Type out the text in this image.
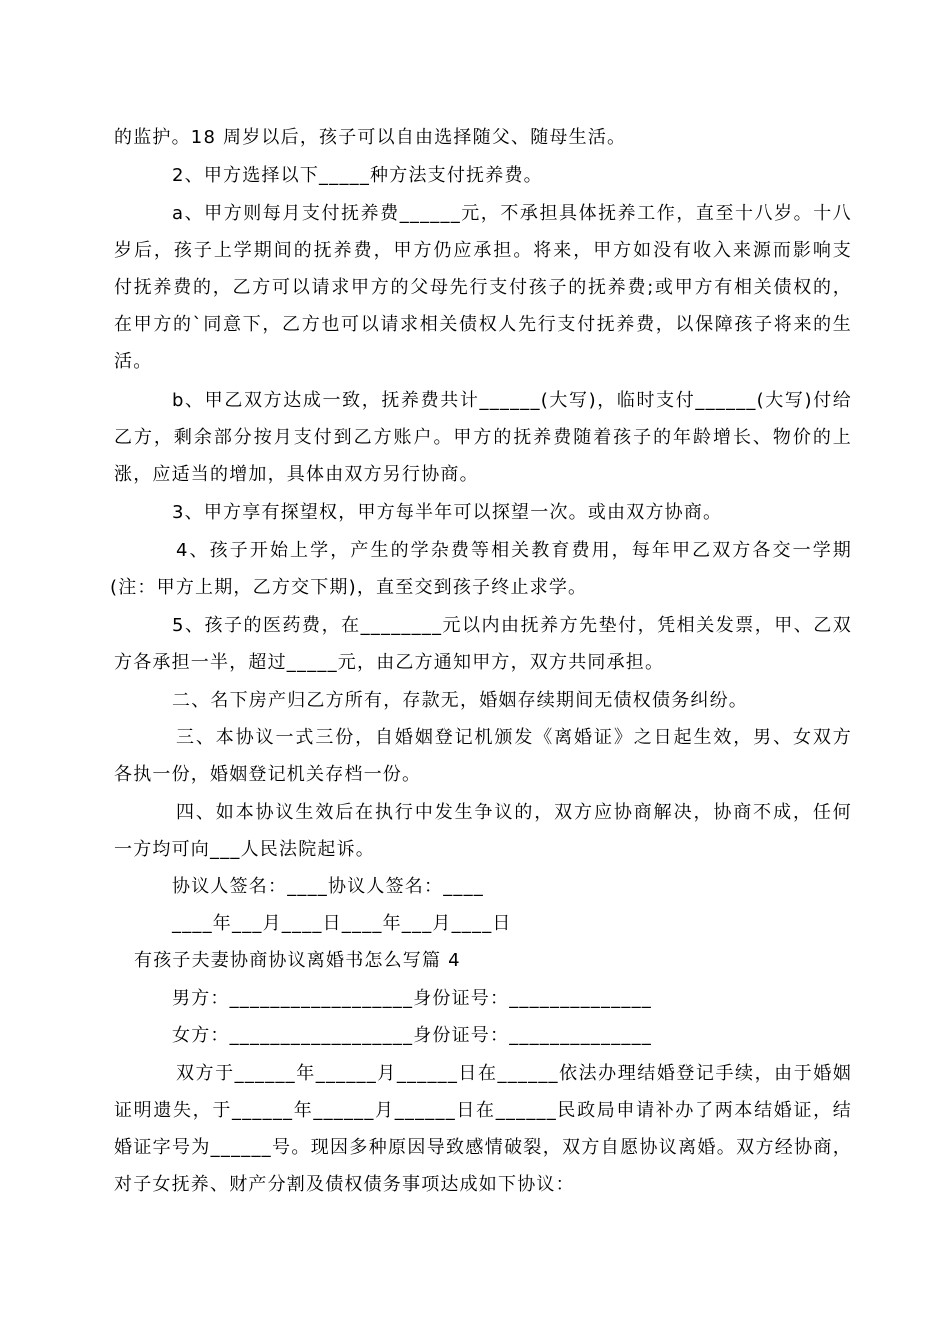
的监护。18 周岁以后，孩子可以自由选择随父、随母生活。
2、甲方选择以下_____种方法支付抚养费。
a、甲方则每月支付抚养费______元，不承担具体抚养工作，直至十八岁。十八
岁后，孩子上学期间的抚养费，甲方仍应承担。将来，甲方如没有收入来源而影响支
付抚养费的，乙方可以请求甲方的父母先行支付孩子的抚养费;或甲方有相关债权的，
在甲方的`同意下，乙方也可以请求相关债权人先行支付抚养费，以保障孩子将来的生
活。
b、甲乙双方达成一致，抚养费共计______(大写)，临时支付______(大写)付给
乙方，剩余部分按月支付到乙方账户。甲方的抚养费随着孩子的年龄增长、物价的上
涨，应适当的增加，具体由双方另行协商。
3、甲方享有探望权，甲方每半年可以探望一次。或由双方协商。
4、孩子开始上学，产生的学杂费等相关教育费用，每年甲乙双方各交一学期
(注：甲方上期，乙方交下期)，直至交到孩子终止求学。
5、孩子的医药费，在________元以内由抚养方先垫付，凭相关发票，甲、乙双
方各承担一半，超过_____元，由乙方通知甲方，双方共同承担。
二、名下房产归乙方所有，存款无，婚姻存续期间无债权债务纠纷。
三、本协议一式三份，自婚姻登记机颁发《离婚证》之日起生效，男、女双方
各执一份，婚姻登记机关存档一份。
四、如本协议生效后在执行中发生争议的，双方应协商解决，协商不成，任何
一方均可向___人民法院起诉。
协议人签名：____协议人签名：____
____年___月____日____年___月____日
有孩子夫妻协商协议离婚书怎么写篇 4
男方：__________________身份证号：______________
女方：__________________身份证号：______________
双方于______年______月______日在______依法办理结婚登记手续，由于婚姻
证明遗失，于______年______月______日在______民政局申请补办了两本结婚证，结
婚证字号为______号。现因多种原因导致感情破裂，双方自愿协议离婚。双方经协商，
对子女抚养、财产分割及债权债务事项达成如下协议：
